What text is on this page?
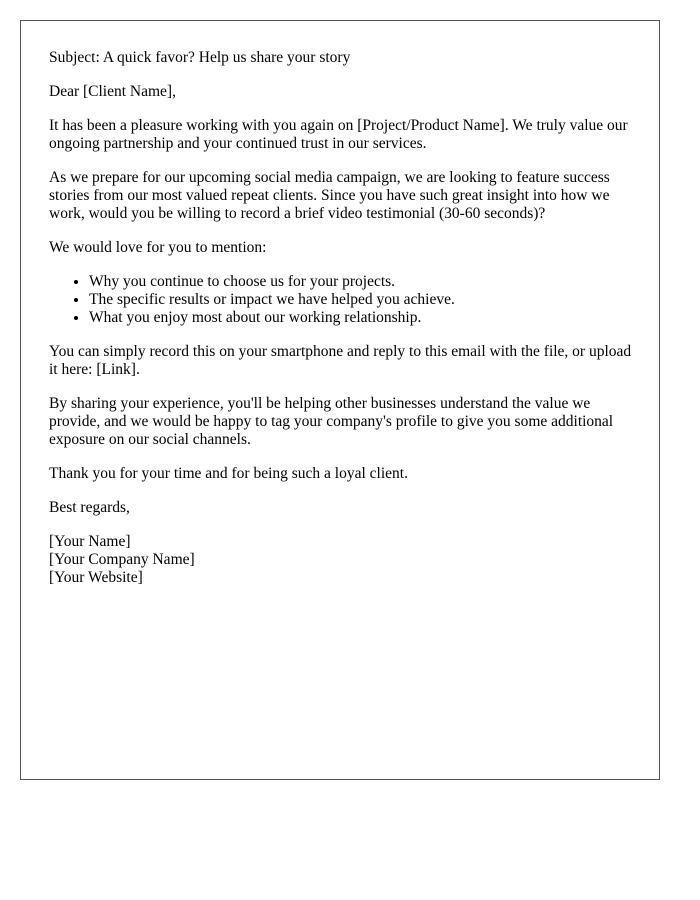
Subject: A quick favor? Help us share your story

Dear [Client Name],

It has been a pleasure working with you again on [Project/Product Name]. We truly value our ongoing partnership and your continued trust in our services.

As we prepare for our upcoming social media campaign, we are looking to feature success stories from our most valued repeat clients. Since you have such great insight into how we work, would you be willing to record a brief video testimonial (30-60 seconds)?

We would love for you to mention:

• Why you continue to choose us for your projects.
• The specific results or impact we have helped you achieve.
• What you enjoy most about our working relationship.

You can simply record this on your smartphone and reply to this email with the file, or upload it here: [Link].

By sharing your experience, you'll be helping other businesses understand the value we provide, and we would be happy to tag your company's profile to give you some additional exposure on our social channels.

Thank you for your time and for being such a loyal client.

Best regards,

[Your Name]
[Your Company Name]
[Your Website]
